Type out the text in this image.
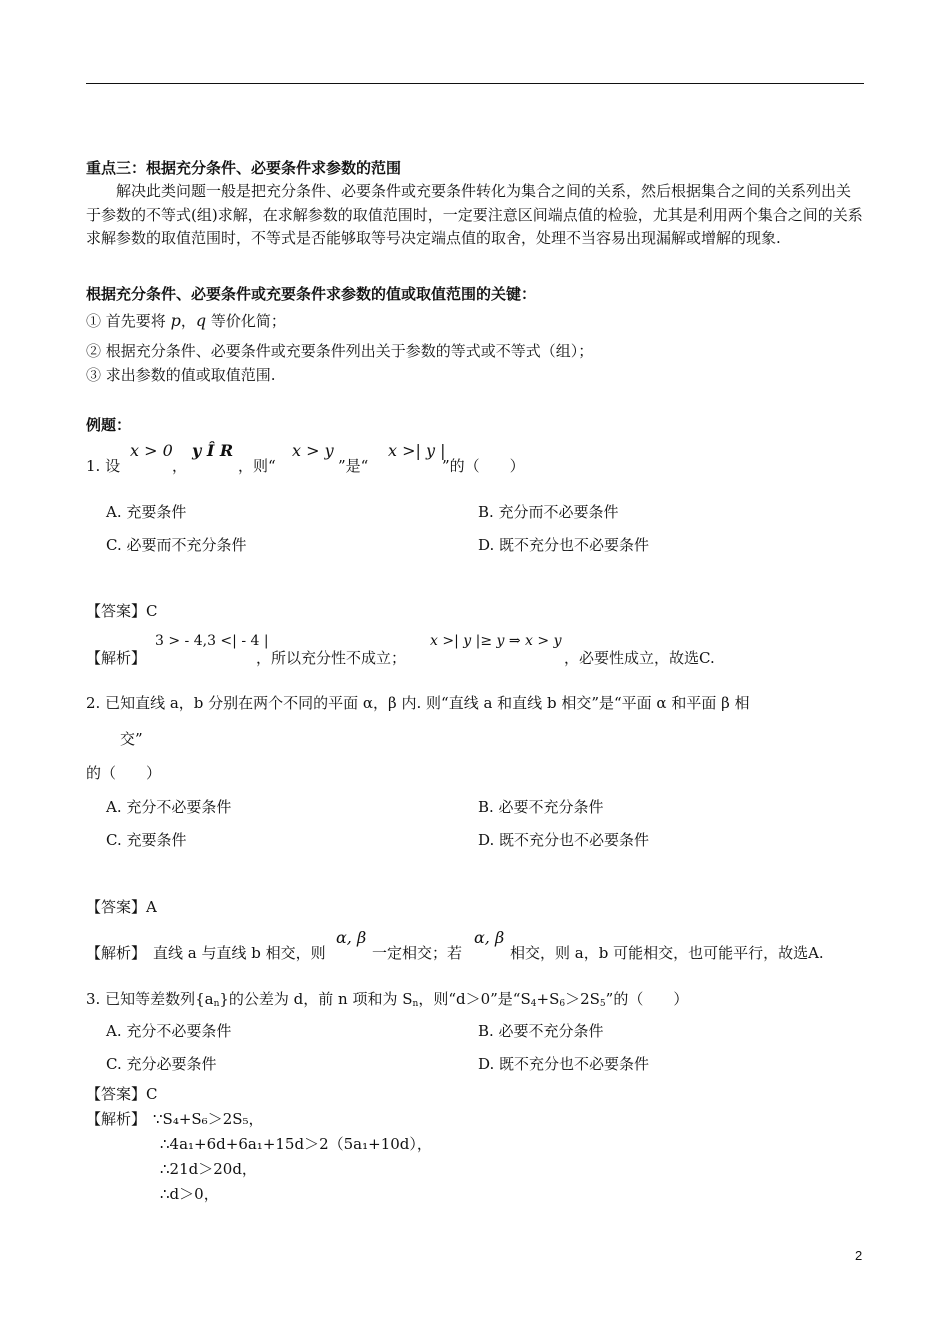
重点三：根据充分条件、必要条件求参数的范围
解决此类问题一般是把充分条件、必要条件或充要条件转化为集合之间的关系，然后根据集合之间的关系列出关于参数的不等式(组)求解，在求解参数的取值范围时，一定要注意区间端点值的检验，尤其是利用两个集合之间的关系求解参数的取值范围时，不等式是否能够取等号决定端点值的取舍，处理不当容易出现漏解或增解的现象.
根据充分条件、必要条件或充要条件求参数的值或取值范围的关键：
① 首先要将 p，q 等价化简；
② 根据充分条件、必要条件或充要条件列出关于参数的等式或不等式（组）；
③ 求出参数的值或取值范围.
例题：
1. 设
x > 0
，
y Î R
，则“
x > y
”是“
x >| y |
”的（　　）
A. 充要条件	B. 充分而不必要条件
C. 必要而不充分条件	D. 既不充分也不必要条件
【答案】C
【解析】
3 > - 4,3 <| - 4 |
，所以充分性不成立；
x >| y |≥ y ⇒ x > y
，必要性成立，故选C.
2. 已知直线 a，b 分别在两个不同的平面 α，β 内. 则“直线 a 和直线 b 相交”是“平面 α 和平面 β 相
交”
的（　　）
A. 充分不必要条件	B. 必要不充分条件
C. 充要条件	D. 既不充分也不必要条件
【答案】A
【解析】 直线 a 与直线 b 相交，则
α, β
一定相交；若
α, β
相交，则 a，b 可能相交，也可能平行，故选A.
3. 已知等差数列$\{a_n\}$的公差为 d，前 n 项和为 $S_n$，则“d＞0”是“$S_4+S_6>2S_5$”的（　　）
A. 充分不必要条件	B. 必要不充分条件
C. 充分必要条件	D. 既不充分也不必要条件
【答案】C
【解析】 ∵S₄+S₆＞2S₅，
∴4a₁+6d+6a₁+15d＞2（5a₁+10d），
∴21d＞20d，
∴d＞0，
2
